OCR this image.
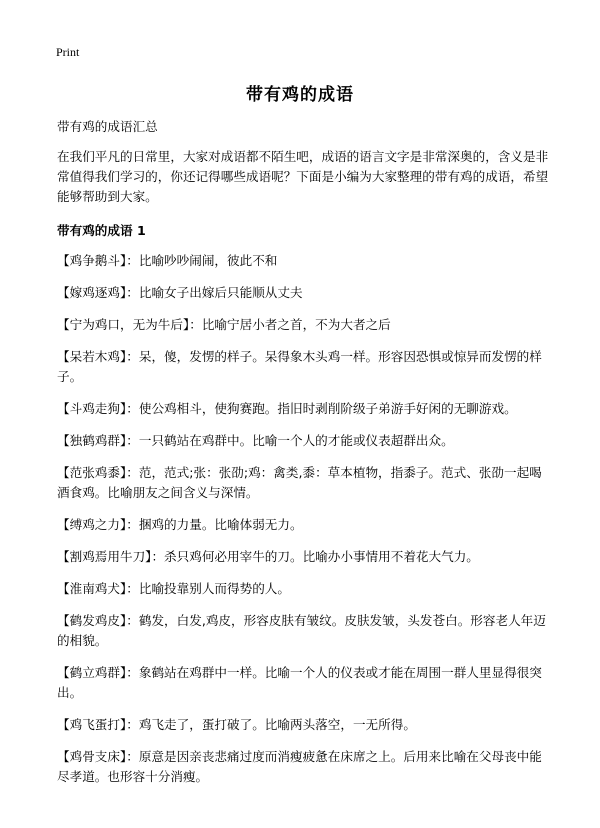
Print
带有鸡的成语

带有鸡的成语汇总

在我们平凡的日常里，大家对成语都不陌生吧，成语的语言文字是非常深奥的，含义是非常值得我们学习的，你还记得哪些成语呢？下面是小编为大家整理的带有鸡的成语，希望能够帮助到大家。

带有鸡的成语 1

【鸡争鹅斗】：比喻吵吵闹闹，彼此不和

【嫁鸡逐鸡】：比喻女子出嫁后只能顺从丈夫

【宁为鸡口，无为牛后】：比喻宁居小者之首，不为大者之后

【呆若木鸡】：呆，傻，发愣的样子。呆得象木头鸡一样。形容因恐惧或惊异而发愣的样子。

【斗鸡走狗】：使公鸡相斗，使狗赛跑。指旧时剥削阶级子弟游手好闲的无聊游戏。

【独鹤鸡群】：一只鹤站在鸡群中。比喻一个人的才能或仪表超群出众。

【范张鸡黍】：范，范式;张：张劭;鸡：禽类,黍：草本植物，指黍子。范式、张劭一起喝酒食鸡。比喻朋友之间含义与深情。

【缚鸡之力】：捆鸡的力量。比喻体弱无力。

【割鸡焉用牛刀】：杀只鸡何必用宰牛的刀。比喻办小事情用不着花大气力。

【淮南鸡犬】：比喻投靠别人而得势的人。

【鹤发鸡皮】：鹤发，白发,鸡皮，形容皮肤有皱纹。皮肤发皱，头发苍白。形容老人年迈的相貌。

【鹤立鸡群】：象鹤站在鸡群中一样。比喻一个人的仪表或才能在周围一群人里显得很突出。

【鸡飞蛋打】：鸡飞走了，蛋打破了。比喻两头落空，一无所得。

【鸡骨支床】：原意是因亲丧悲痛过度而消瘦疲惫在床席之上。后用来比喻在父母丧中能尽孝道。也形容十分消瘦。
